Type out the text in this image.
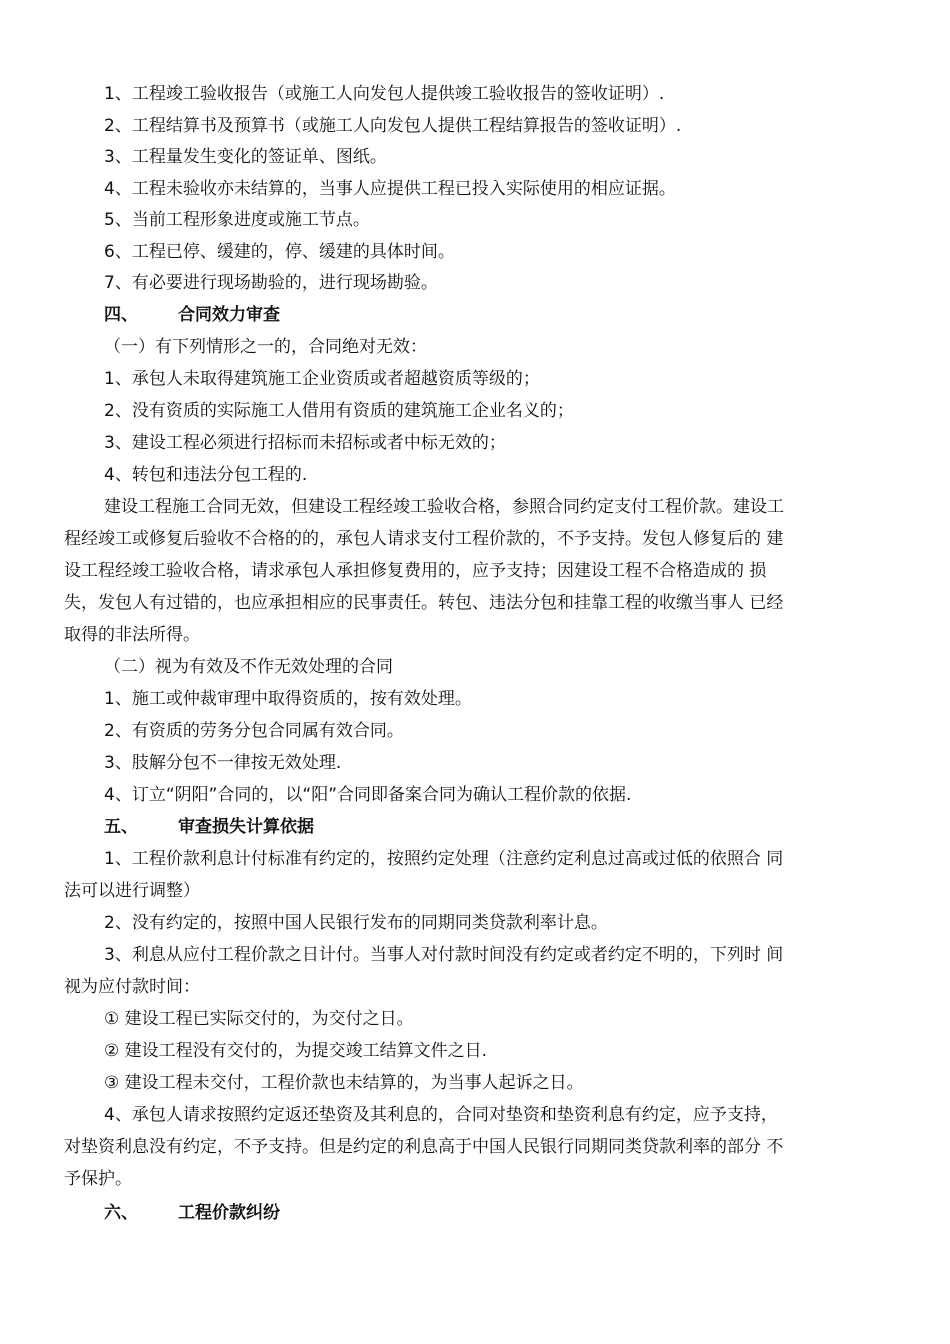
1、工程竣工验收报告（或施工人向发包人提供竣工验收报告的签收证明）.
2、工程结算书及预算书（或施工人向发包人提供工程结算报告的签收证明）.
3、工程量发生变化的签证单、图纸。
4、工程未验收亦未结算的，当事人应提供工程已投入实际使用的相应证据。
5、当前工程形象进度或施工节点。
6、工程已停、缓建的，停、缓建的具体时间。
7、有必要进行现场勘验的，进行现场勘验。
四、 合同效力审查
（一）有下列情形之一的，合同绝对无效：
1、承包人未取得建筑施工企业资质或者超越资质等级的；
2、没有资质的实际施工人借用有资质的建筑施工企业名义的；
3、建设工程必须进行招标而未招标或者中标无效的；
4、转包和违法分包工程的.
建设工程施工合同无效，但建设工程经竣工验收合格，参照合同约定支付工程价款。建设工
程经竣工或修复后验收不合格的的，承包人请求支付工程价款的，不予支持。发包人修复后的 建
设工程经竣工验收合格，请求承包人承担修复费用的，应予支持；因建设工程不合格造成的 损
失，发包人有过错的，也应承担相应的民事责任。转包、违法分包和挂靠工程的收缴当事人 已经
取得的非法所得。
（二）视为有效及不作无效处理的合同
1、施工或仲裁审理中取得资质的，按有效处理。
2、有资质的劳务分包合同属有效合同。
3、肢解分包不一律按无效处理.
4、订立“阴阳”合同的，以“阳”合同即备案合同为确认工程价款的依据.
五、 审查损失计算依据
1、工程价款利息计付标准有约定的，按照约定处理（注意约定利息过高或过低的依照合 同
法可以进行调整）
2、没有约定的，按照中国人民银行发布的同期同类贷款利率计息。
3、利息从应付工程价款之日计付。当事人对付款时间没有约定或者约定不明的，下列时 间
视为应付款时间：
① 建设工程已实际交付的，为交付之日。
② 建设工程没有交付的，为提交竣工结算文件之日.
③ 建设工程未交付，工程价款也未结算的，为当事人起诉之日。
4、承包人请求按照约定返还垫资及其利息的，合同对垫资和垫资利息有约定，应予支持，
对垫资利息没有约定，不予支持。但是约定的利息高于中国人民银行同期同类贷款利率的部分 不
予保护。
六、 工程价款纠纷
